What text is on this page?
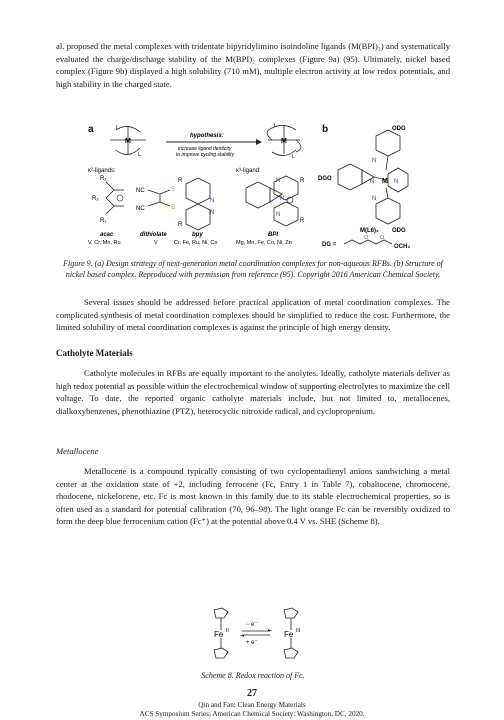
al. proposed the metal complexes with tridentate bipyridylimino isoindoline ligands (M(BPI)₂) and systematically evaluated the charge/discharge stability of the M(BPI)₂ complexes (Figure 9a) (95). Ultimately, nickel based complex (Figure 9b) displayed a high solubility (710 mM), multiple electron activity at low redox potentials, and high stability in the charged state.

a
M
L
L
hypothesis:
increase ligand denticity
to improve cycling stability
M
L
L
κ²-ligands:	κ³-ligand:
R₁
R₂
R₁
NC
NC
S
S
R
R
N
N
N
N
N
R
R
acac
V, Cr, Mn, Ru
dithiolate
V
bpy
Cr, Fe, Ru, Ni, Co
BPI
Mg, Mn, Fe, Co, Ni, Zn
b	ODG
DGO	M
N
N	N
N
M(L6)₂ ODG
DG =
O O
OCH₃

Figure 9. (a) Design strategy of next-generation metal coordination complexes for non-aqueous RFBs. (b) Structure of nickel based complex. Reproduced with permission from reference (95). Copyright 2016 American Chemical Society.

Several issues should be addressed before practical application of metal coordination complexes. The complicated synthesis of metal coordination complexes should be simplified to reduce the cost. Furthermore, the limited solubility of metal coordination complexes is against the principle of high energy density.

Catholyte Materials

Catholyte molecules in RFBs are equally important to the anolytes. Ideally, catholyte materials deliver as high redox potential as possible within the electrochemical window of supporting electrolytes to maximize the cell voltage. To date, the reported organic catholyte materials include, but not limited to, metallocenes, dialkoxybenzenes, phenothiazine (PTZ), heterocyclic nitroxide radical, and cyclopropenium.

Metallocene

Metallocene is a compound typically consisting of two cyclopentadienyl anions sandwiching a metal center at the oxidation state of +2, including ferrocene (Fc, Entry 1 in Table 7), cobaltocene, chromocene, rhodocene, nickelocene, etc. Fc is most known in this family due to its stable electrochemical properties, so is often used as a standard for potential calibration (70, 96–98). The light orange Fc can be reversibly oxidized to form the deep blue ferrocenium cation (Fc⁺) at the potential above 0.4 V vs. SHE (Scheme 8).

Fe II
− e⁻
+ e⁻
Fe III
Scheme 8. Redox reaction of Fc.
27
Qin and Fan; Clean Energy Materials
ACS Symposium Series; American Chemical Society: Washington, DC, 2020.
